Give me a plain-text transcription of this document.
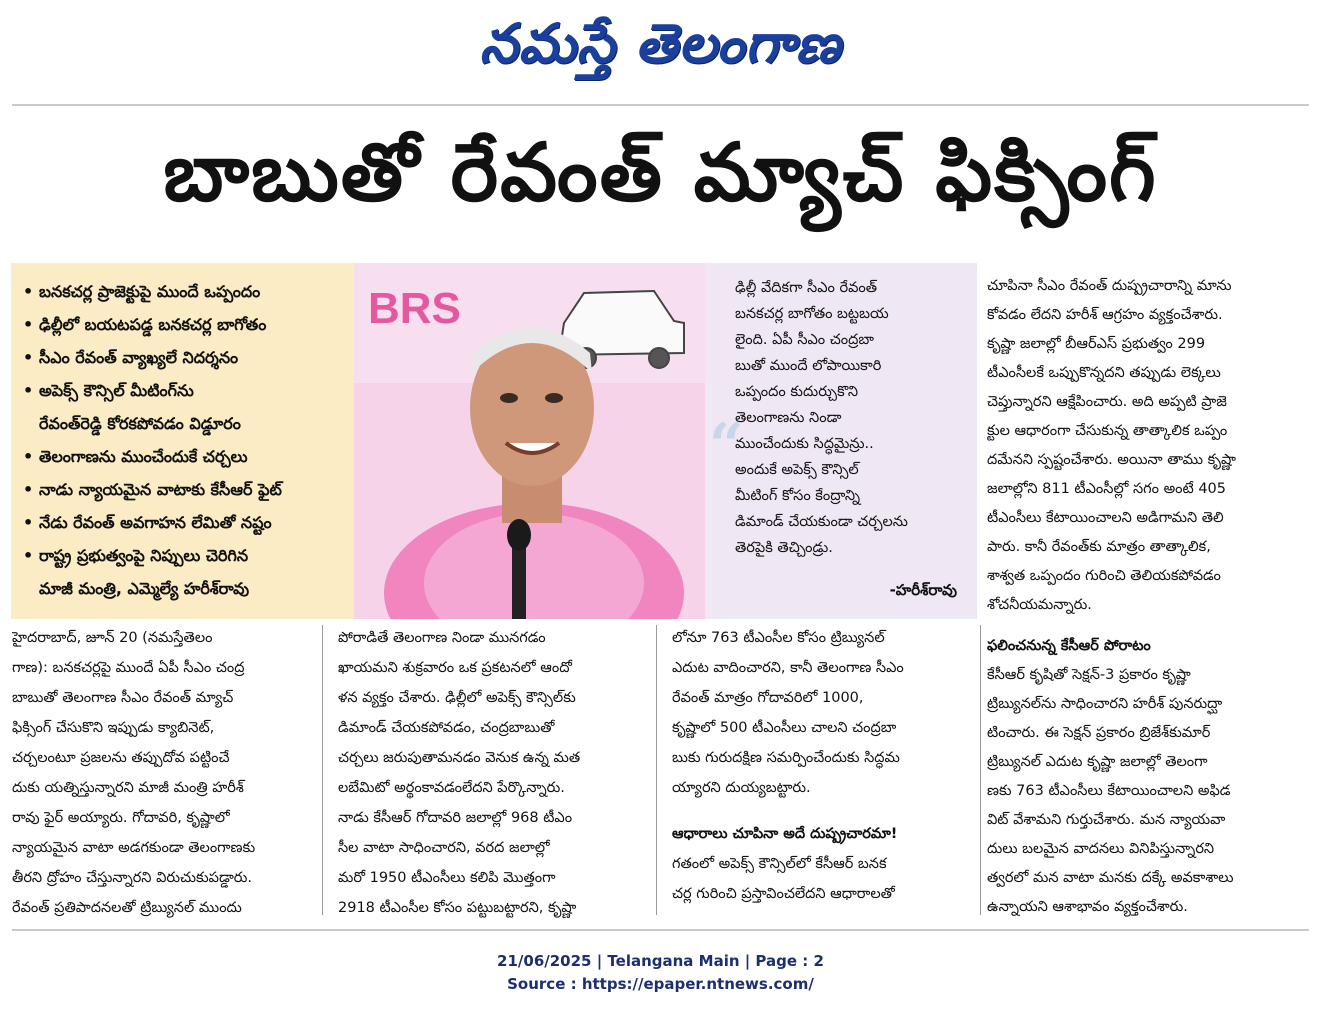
నమస్తే తెలంగాణ
బాబుతో రేవంత్ మ్యాచ్ ఫిక్సింగ్
• బనకచర్ల ప్రాజెక్టుపై ముందే ఒప్పందం
• ఢిల్లీలో బయటపడ్డ బనకచర్ల బాగోతం
• సీఎం రేవంత్ వ్యాఖ్యలే నిదర్శనం
• అపెక్స్ కౌన్సిల్ మీటింగ్‌ను
రేవంత్‌రెడ్డి కోరకపోవడం విడ్డూరం
• తెలంగాణను ముంచేందుకే చర్చలు
• నాడు న్యాయమైన వాటాకు కేసీఆర్ ఫైట్
• నేడు రేవంత్ అవగాహన లేమితో నష్టం
• రాష్ట్ర ప్రభుత్వంపై నిప్పులు చెరిగిన
మాజీ మంత్రి, ఎమ్మెల్యే హరీశ్‌రావు
BRS
“
ఢిల్లీ వేదికగా సీఎం రేవంత్
బనకచర్ల బాగోతం బట్టబయ
లైంది. ఏపీ సీఎం చంద్రబా
బుతో ముందే లోపాయికారి
ఒప్పందం కుదుర్చుకొని
తెలంగాణను నిండా
ముంచేందుకు సిద్ధమైన్రు..
అందుకే అపెక్స్ కౌన్సిల్
మీటింగ్ కోసం కేంద్రాన్ని
డిమాండ్ చేయకుండా చర్చలను
తెరపైకి తెచ్చిండ్రు.
-హరీశ్‌రావు
చూపినా సీఎం రేవంత్ దుష్ప్రచారాన్ని మాను
కోవడం లేదని హరీశ్ ఆగ్రహం వ్యక్తంచేశారు.
కృష్ణా జలాల్లో బీఆర్ఎస్ ప్రభుత్వం 299
టీఎంసీలకే ఒప్పుకొన్నదని తప్పుడు లెక్కలు
చెప్తున్నారని ఆక్షేపించారు. అది అప్పటి ప్రాజె
క్టుల ఆధారంగా చేసుకున్న తాత్కాలిక ఒప్పం
దమేనని స్పష్టంచేశారు. అయినా తాము కృష్ణా
జలాల్లోని 811 టీఎంసీల్లో సగం అంటే 405
టీఎంసీలు కేటాయించాలని అడిగామని తెలి
పారు. కానీ రేవంత్‌కు మాత్రం తాత్కాలిక,
శాశ్వత ఒప్పందం గురించి తెలియకపోవడం
శోచనీయమన్నారు.
ఫలించనున్న కేసీఆర్ పోరాటం
కేసీఆర్ కృషితో సెక్షన్-3 ప్రకారం కృష్ణా
ట్రిబ్యునల్‌ను సాధించారని హరీశ్ పునరుద్ఘా
టించారు. ఈ సెక్షన్ ప్రకారం బ్రిజేశ్‌కుమార్
ట్రిబ్యునల్ ఎదుట కృష్ణా జలాల్లో తెలంగా
ణకు 763 టీఎంసీలు కేటాయించాలని అఫిడ
విట్ వేశామని గుర్తుచేశారు. మన న్యాయవా
దులు బలమైన వాదనలు వినిపిస్తున్నారని
త్వరలో మన వాటా మనకు దక్కే అవకాశాలు
ఉన్నాయని ఆశాభావం వ్యక్తంచేశారు.
హైదరాబాద్, జూన్ 20 (నమస్తేతెలం
గాణ): బనకచర్లపై ముందే ఏపీ సీఎం చంద్ర
బాబుతో తెలంగాణ సీఎం రేవంత్ మ్యాచ్
ఫిక్సింగ్ చేసుకొని ఇప్పుడు క్యాబినెట్,
చర్చలంటూ ప్రజలను తప్పుదోవ పట్టించే
దుకు యత్నిస్తున్నారని మాజీ మంత్రి హరీశ్
రావు ఫైర్ అయ్యారు. గోదావరి, కృష్ణాలో
న్యాయమైన వాటా అడగకుండా తెలంగాణకు
తీరని ద్రోహం చేస్తున్నారని విరుచుకుపడ్డారు.
రేవంత్ ప్రతిపాదనలతో ట్రిబ్యునల్ ముందు
పోరాడితే తెలంగాణ నిండా మునగడం
ఖాయమని శుక్రవారం ఒక ప్రకటనలో ఆందో
ళన వ్యక్తం చేశారు. ఢిల్లీలో అపెక్స్ కౌన్సిల్‌కు
డిమాండ్ చేయకపోవడం, చంద్రబాబుతో
చర్చలు జరుపుతామనడం వెనుక ఉన్న మత
లబేమిటో అర్థంకావడంలేదని పేర్కొన్నారు.
నాడు కేసీఆర్ గోదావరి జలాల్లో 968 టీఎం
సీల వాటా సాధించారని, వరద జలాల్లో
మరో 1950 టీఎంసీలు కలిపి మొత్తంగా
2918 టీఎంసీల కోసం పట్టుబట్టారని, కృష్ణా
లోనూ 763 టీఎంసీల కోసం ట్రిబ్యునల్
ఎదుట వాదించారని, కానీ తెలంగాణ సీఎం
రేవంత్ మాత్రం గోదావరిలో 1000,
కృష్ణాలో 500 టీఎంసీలు చాలని చంద్రబా
బుకు గురుదక్షిణ సమర్పించేందుకు సిద్ధమ
య్యారని దుయ్యబట్టారు.
ఆధారాలు చూపినా అదే దుష్ప్రచారమా!
గతంలో అపెక్స్ కౌన్సిల్‌లో కేసీఆర్ బనక
చర్ల గురించి ప్రస్తావించలేదని ఆధారాలతో
21/06/2025 | Telangana Main | Page : 2
Source : https://epaper.ntnews.com/
